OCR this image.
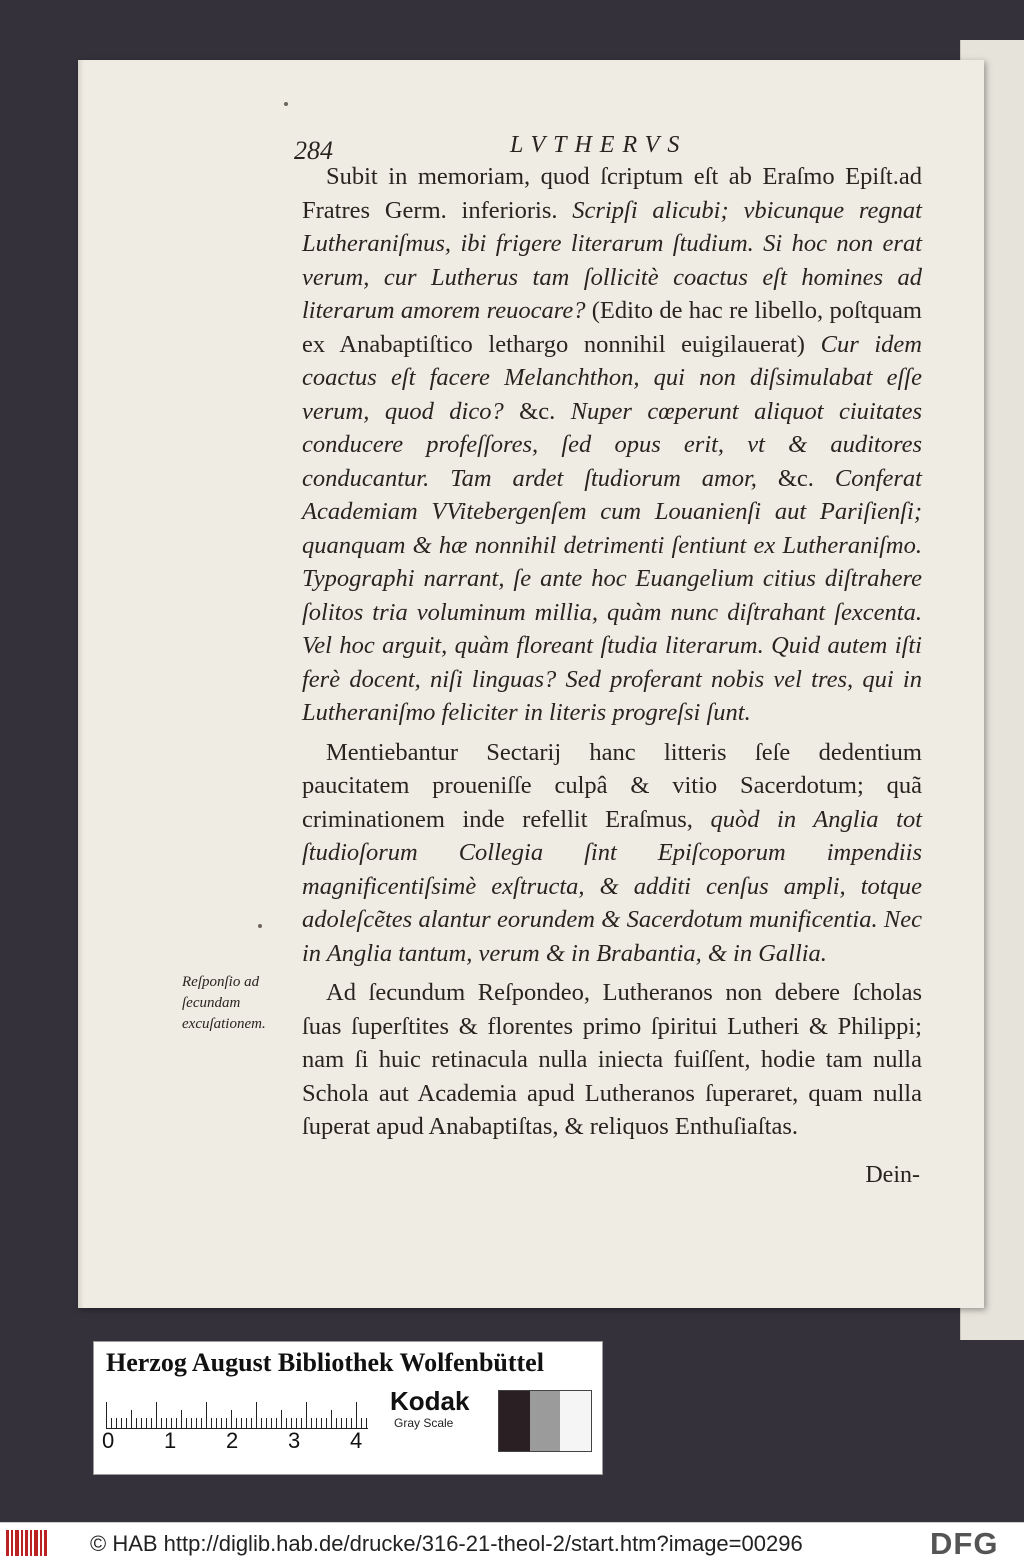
284	LVTHERVS

Subit in memoriam, quod ſcriptum eſt ab Eraſmo Epiſt.ad Fratres Germ. inferioris. Scripſi alicubi; vbicunque regnat Lutheraniſmus, ibi frigere literarum ſtudium. Si hoc non erat verum, cur Lutherus tam ſollicitè coactus eſt homines ad literarum amorem reuocare? (Edito de hac re libello, poſtquam ex Anabaptiſtico lethargo nonnihil euigilauerat) Cur idem coactus eſt facere Melanchthon, qui non diſsimulabat eſſe verum, quod dico? &c. Nuper cœperunt aliquot ciuitates conducere profeſſores, ſed opus erit, vt & auditores conducantur. Tam ardet ſtudiorum amor, &c. Conferat Academiam VVitebergenſem cum Louanienſi aut Pariſienſi; quanquam & hæ nonnihil detrimenti ſentiunt ex Lutheraniſmo. Typographi narrant, ſe ante hoc Euangelium citius diſtrahere ſolitos tria voluminum millia, quàm nunc diſtrahant ſexcenta. Vel hoc arguit, quàm floreant ſtudia literarum. Quid autem iſti ferè docent, niſi linguas? Sed proferant nobis vel tres, qui in Lutheraniſmo feliciter in literis progreſsi ſunt.

Mentiebantur Sectarij hanc litteris ſeſe dedentium paucitatem proueniſſe culpâ & vitio Sacerdotum; quã criminationem inde refellit Eraſmus, quòd in Anglia tot ſtudioſorum Collegia ſint Epiſcoporum impendiis magnificentiſsimè exſtructa, & additi cenſus ampli, totque adoleſcẽtes alantur eorundem & Sacerdotum munificentia. Nec in Anglia tantum, verum & in Brabantia, & in Gallia.

Ad ſecundum Reſpondeo, Lutheranos non debere ſcholas ſuas ſuperſtites & florentes primo ſpiritui Lutheri & Philippi; nam ſi huic retinacula nulla iniecta fuiſſent, hodie tam nulla Schola aut Academia apud Lutheranos ſuperaret, quam nulla ſuperat apud Anabaptiſtas, & reliquos Enthuſiaſtas.

Reſponſio ad ſecundam excuſationem.
Dein-
Herzog August Bibliothek Wolfenbüttel
0 1 2 3 4
Kodak
Gray Scale
© HAB http://diglib.hab.de/drucke/316-21-theol-2/start.htm?image=00296	DFG
